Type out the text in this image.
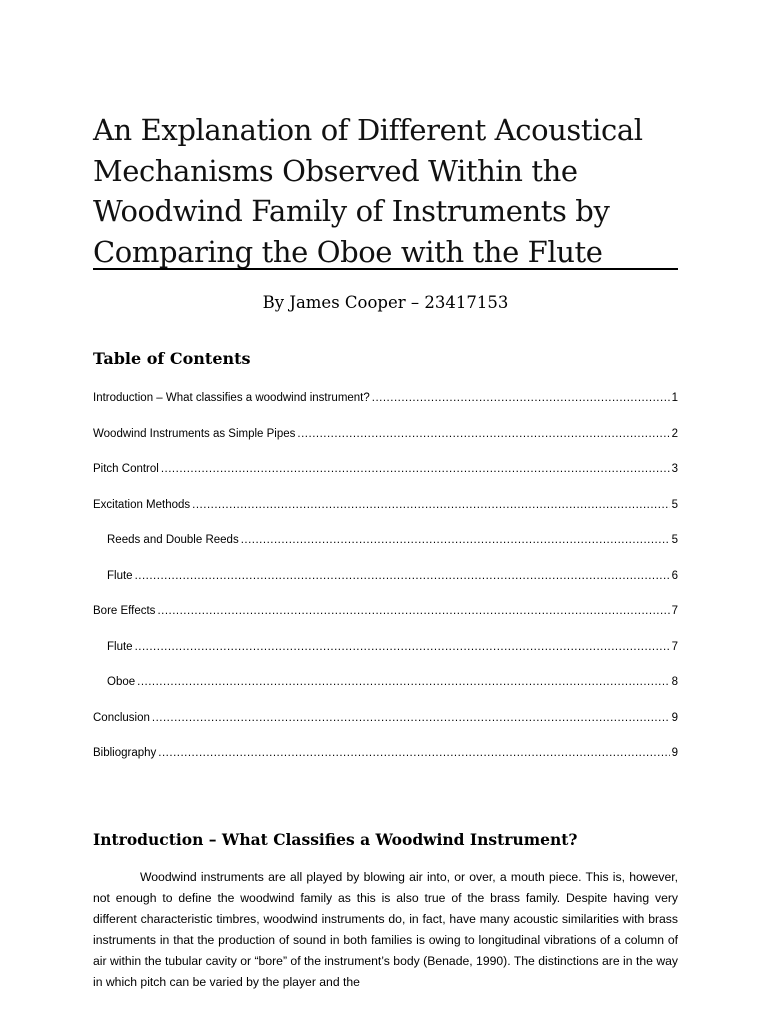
An Explanation of Different Acoustical Mechanisms Observed Within the Woodwind Family of Instruments by Comparing the Oboe with the Flute
By James Cooper – 23417153
Table of Contents
Introduction – What classifies a woodwind instrument? .....	1
Woodwind Instruments as Simple Pipes .....	2
Pitch Control .....	3
Excitation Methods .....	5
Reeds and Double Reeds .....	5
Flute .....	6
Bore Effects .....	7
Flute .....	7
Oboe .....	8
Conclusion .....	9
Bibliography .....	9
Introduction – What Classifies a Woodwind Instrument?

Woodwind instruments are all played by blowing air into, or over, a mouth piece. This is, however, not enough to define the woodwind family as this is also true of the brass family. Despite having very different characteristic timbres, woodwind instruments do, in fact, have many acoustic similarities with brass instruments in that the production of sound in both families is owing to longitudinal vibrations of a column of air within the tubular cavity or “bore” of the instrument’s body (Benade, 1990). The distinctions are in the way in which pitch can be varied by the player and the
